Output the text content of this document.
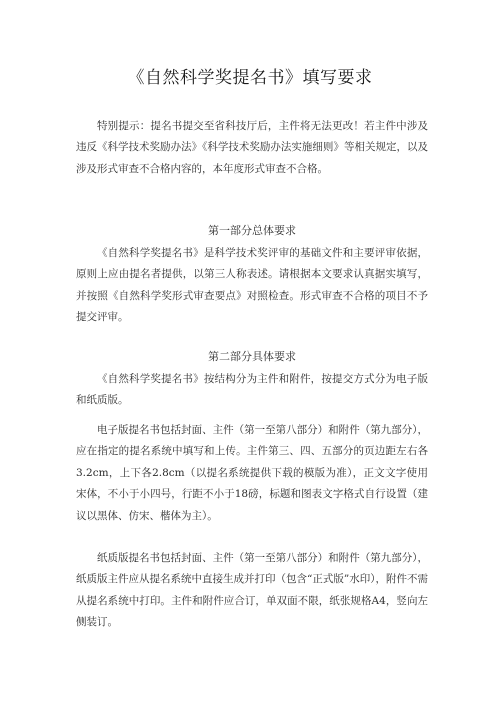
《自然科学奖提名书》填写要求
特别提示：提名书提交至省科技厅后，主件将无法更改！若主件中涉及违反《科学技术奖励办法》《科学技术奖励办法实施细则》等相关规定，以及涉及形式审查不合格内容的，本年度形式审查不合格。
第一部分总体要求
《自然科学奖提名书》是科学技术奖评审的基础文件和主要评审依据，原则上应由提名者提供，以第三人称表述。请根据本文要求认真据实填写，并按照《自然科学奖形式审查要点》对照检查。形式审查不合格的项目不予提交评审。
第二部分具体要求
《自然科学奖提名书》按结构分为主件和附件，按提交方式分为电子版和纸质版。
电子版提名书包括封面、主件（第一至第八部分）和附件（第九部分），应在指定的提名系统中填写和上传。主件第三、四、五部分的页边距左右各3.2cm，上下各2.8cm（以提名系统提供下载的模版为准），正文文字使用宋体，不小于小四号，行距不小于18磅，标题和图表文字格式自行设置（建议以黑体、仿宋、楷体为主）。
纸质版提名书包括封面、主件（第一至第八部分）和附件（第九部分），纸质版主件应从提名系统中直接生成并打印（包含“正式版”水印），附件不需从提名系统中打印。主件和附件应合订，单双面不限，纸张规格A4，竖向左侧装订。
